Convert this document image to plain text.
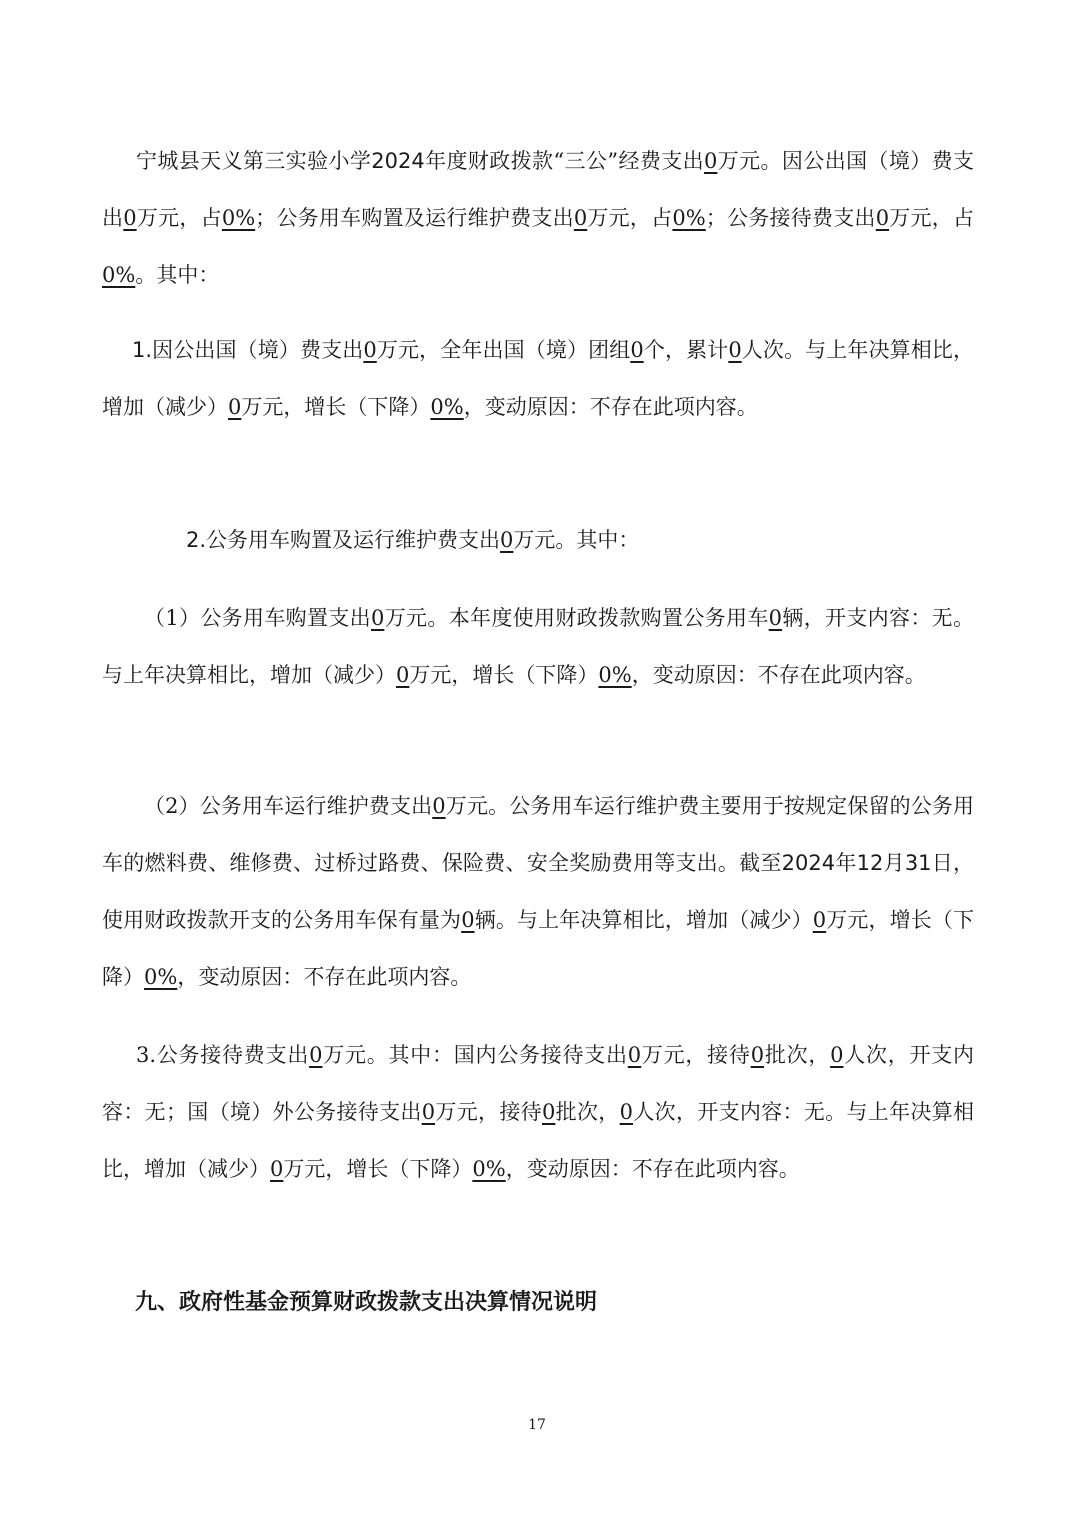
宁城县天义第三实验小学2024年度财政拨款“三公”经费支出0万元。因公出国（境）费支出0万元，占0%；公务用车购置及运行维护费支出0万元，占0%；公务接待费支出0万元，占0%。其中：

1.因公出国（境）费支出0万元，全年出国（境）团组0个，累计0人次。与上年决算相比，增加（减少）0万元，增长（下降）0%，变动原因：不存在此项内容。

2.公务用车购置及运行维护费支出0万元。其中：

（1）公务用车购置支出0万元。本年度使用财政拨款购置公务用车0辆，开支内容：无。与上年决算相比，增加（减少）0万元，增长（下降）0%，变动原因：不存在此项内容。

（2）公务用车运行维护费支出0万元。公务用车运行维护费主要用于按规定保留的公务用车的燃料费、维修费、过桥过路费、保险费、安全奖励费用等支出。截至2024年12月31日，使用财政拨款开支的公务用车保有量为0辆。与上年决算相比，增加（减少）0万元，增长（下降）0%，变动原因：不存在此项内容。

3.公务接待费支出0万元。其中：国内公务接待支出0万元，接待0批次，0人次，开支内容：无；国（境）外公务接待支出0万元，接待0批次，0人次，开支内容：无。与上年决算相比，增加（减少）0万元，增长（下降）0%，变动原因：不存在此项内容。

九、政府性基金预算财政拨款支出决算情况说明
17
